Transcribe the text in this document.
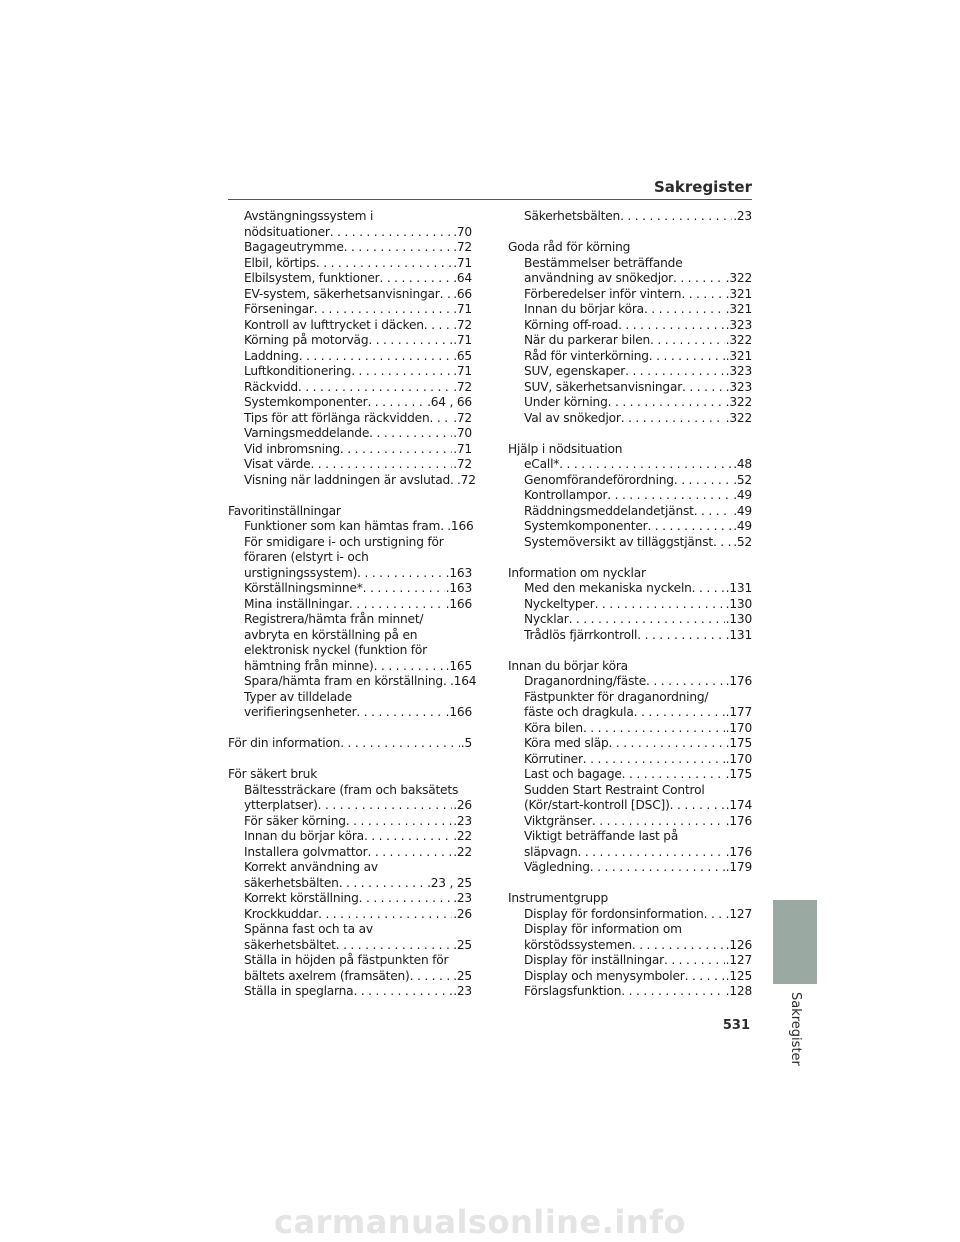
Sakregister
Avstängningssystem i
nödsituationer . . .	.70
Bagageutrymme . . .	.72
Elbil, körtips . . .	.71
Elbilsystem, funktioner . . .	.64
EV-system, säkerhetsanvisningar . . . .66
Förseningar . . .	.71
Kontroll av lufttrycket i däcken . . . .72
Körning på motorväg . . .	.71
Laddning . . .	.65
Luftkonditionering . . .	.71
Räckvidd . . .	.72
Systemkomponenter . . .	.64 , 66
Tips för att förlänga räckvidden . . . .72
Varningsmeddelande . . .	.70
Vid inbromsning . . .	.71
Visat värde . . .	.72
Visning när laddningen är avslutad . . . .72
Favoritinställningar
Funktioner som kan hämtas fram . . . .166
För smidigare i- och urstigning för
föraren (elstyrt i- och
urstigningssystem) . . .	.163
Körställningsminne* . . .	.163
Mina inställningar . . .	.166
Registrera/hämta från minnet/
avbryta en körställning på en
elektronisk nyckel (funktion för
hämtning från minne) . . .	.165
Spara/hämta fram en körställning . . . .164
Typer av tilldelade
verifieringsenheter . . .	.166
För din information . . .	.5
För säkert bruk
Bältessträckare (fram och baksätets
ytterplatser) . . .	.26
För säker körning . . .	.23
Innan du börjar köra . . .	.22
Installera golvmattor . . .	.22
Korrekt användning av
säkerhetsbälten . . .	.23 , 25
Korrekt körställning . . .	.23
Krockkuddar . . .	.26
Spänna fast och ta av
säkerhetsbältet . . .	.25
Ställa in höjden på fästpunkten för
bältets axelrem (framsäten) . . .	.25
Ställa in speglarna . . .	.23
Säkerhetsbälten . . .	.23
Goda råd för körning
Bestämmelser beträffande
användning av snökedjor . . .	.322
Förberedelser inför vintern . . .	.321
Innan du börjar köra . . .	.321
Körning off-road . . .	.323
När du parkerar bilen . . .	.322
Råd för vinterkörning . . .	.321
SUV, egenskaper . . .	.323
SUV, säkerhetsanvisningar . . .	.323
Under körning . . .	.322
Val av snökedjor . . .	.322
Hjälp i nödsituation
eCall* . . .	.48
Genomförandeförordning . . .	.52
Kontrollampor . . .	.49
Räddningsmeddelandetjänst . . .	.49
Systemkomponenter . . .	.49
Systemöversikt av tilläggstjänst . . . .52
Information om nycklar
Med den mekaniska nyckeln . . .	.131
Nyckeltyper . . .	.130
Nycklar . . .	.130
Trådlös fjärrkontroll . . .	.131
Innan du börjar köra
Draganordning/fäste . . .	.176
Fästpunkter för draganordning/
fäste och dragkula . . .	.177
Köra bilen . . .	.170
Köra med släp . . .	.175
Körrutiner . . .	.170
Last och bagage . . .	.175
Sudden Start Restraint Control
(Kör/start-kontroll [DSC]) . . .	.174
Viktgränser . . .	.176
Viktigt beträffande last på
släpvagn . . .	.176
Vägledning . . .	.179
Instrumentgrupp
Display för fordonsinformation . . . .127
Display för information om
körstödssystemen . . .	.126
Display för inställningar . . .	.127
Display och menysymboler . . .	.125
Förslagsfunktion . . .	.128
Sakregister
531
carmanualsonline.info
